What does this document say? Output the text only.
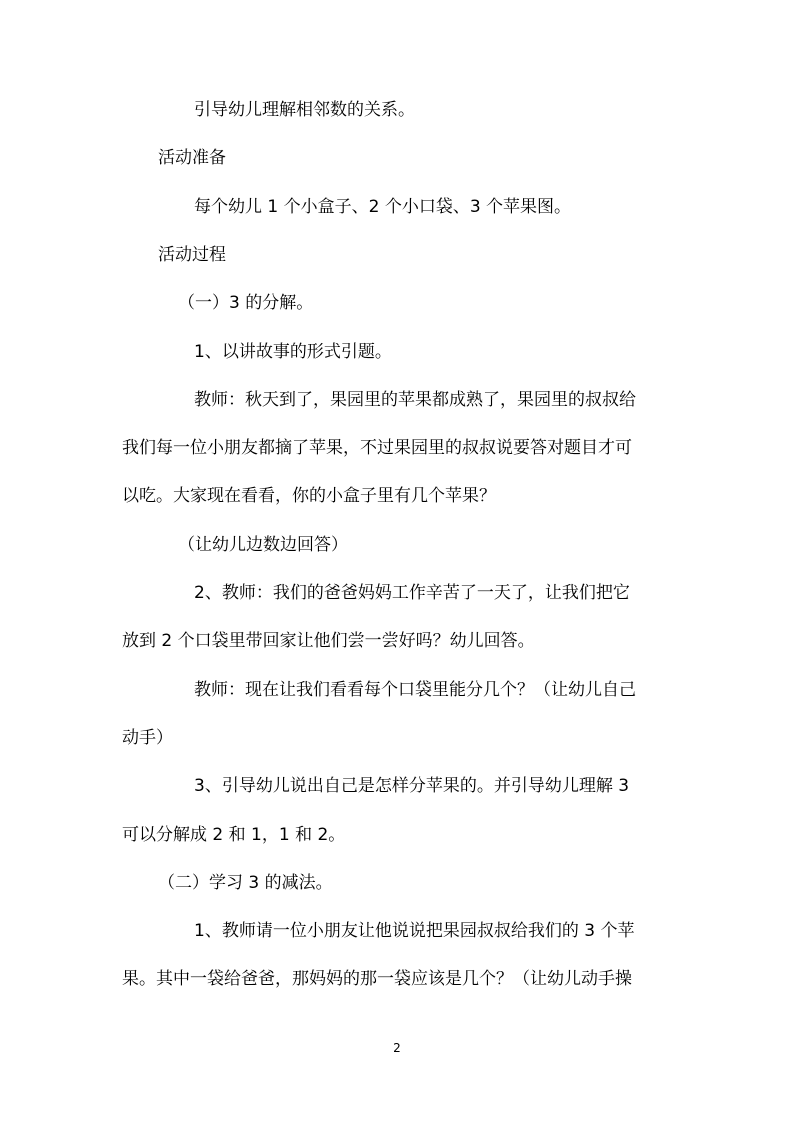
引导幼儿理解相邻数的关系。

活动准备

每个幼儿 1 个小盒子、2 个小口袋、3 个苹果图。

活动过程

（一）3 的分解。

1、以讲故事的形式引题。

教师：秋天到了，果园里的苹果都成熟了，果园里的叔叔给

我们每一位小朋友都摘了苹果，不过果园里的叔叔说要答对题目才可

以吃。大家现在看看，你的小盒子里有几个苹果？

（让幼儿边数边回答）

2、教师：我们的爸爸妈妈工作辛苦了一天了，让我们把它

放到 2 个口袋里带回家让他们尝一尝好吗？幼儿回答。

教师：现在让我们看看每个口袋里能分几个？（让幼儿自己

动手）

3、引导幼儿说出自己是怎样分苹果的。并引导幼儿理解 3

可以分解成 2 和 1，1 和 2。

（二）学习 3 的减法。

1、教师请一位小朋友让他说说把果园叔叔给我们的 3 个苹

果。其中一袋给爸爸，那妈妈的那一袋应该是几个？（让幼儿动手操

2
